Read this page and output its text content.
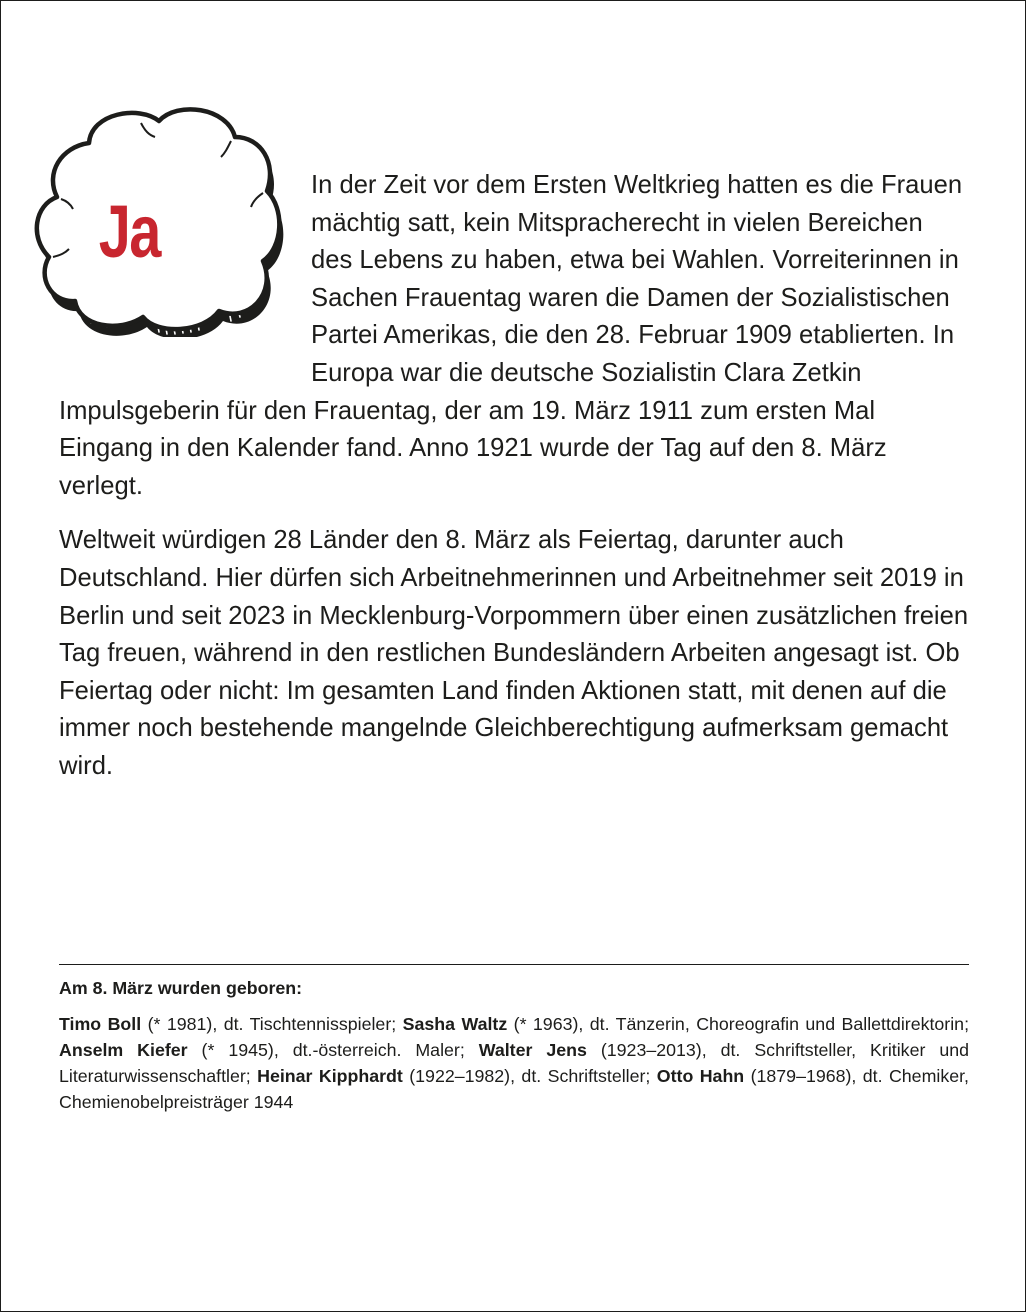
Ja

In der Zeit vor dem Ersten Weltkrieg hatten es die Frauen mächtig satt, kein Mitspracherecht in vielen Bereichen des Lebens zu haben, etwa bei Wahlen. Vorreiterinnen in Sachen Frauentag waren die Damen der Sozialistischen Partei Amerikas, die den 28. Februar 1909 etablierten. In Europa war die deutsche Sozialistin Clara Zetkin Impulsgeberin für den Frauentag, der am 19. März 1911 zum ersten Mal Eingang in den Kalender fand. Anno 1921 wurde der Tag auf den 8. März verlegt.

Weltweit würdigen 28 Länder den 8. März als Feiertag, darunter auch Deutschland. Hier dürfen sich Arbeitnehmerinnen und Arbeitnehmer seit 2019 in Berlin und seit 2023 in Mecklenburg-Vorpommern über einen zusätzlichen freien Tag freuen, während in den restlichen Bundesländern Arbeiten angesagt ist. Ob Feiertag oder nicht: Im gesamten Land finden Aktionen statt, mit denen auf die immer noch bestehende mangelnde Gleichberechtigung aufmerksam gemacht wird.

Am 8. März wurden geboren:

Timo Boll (* 1981), dt. Tischtennisspieler; Sasha Waltz (* 1963), dt. Tänzerin, Choreografin und Ballettdirektorin; Anselm Kiefer (* 1945), dt.-österreich. Maler; Walter Jens (1923–2013), dt. Schriftsteller, Kritiker und Literaturwissenschaftler; Heinar Kipphardt (1922–1982), dt. Schriftsteller; Otto Hahn (1879–1968), dt. Chemiker, Chemienobelpreisträger 1944
